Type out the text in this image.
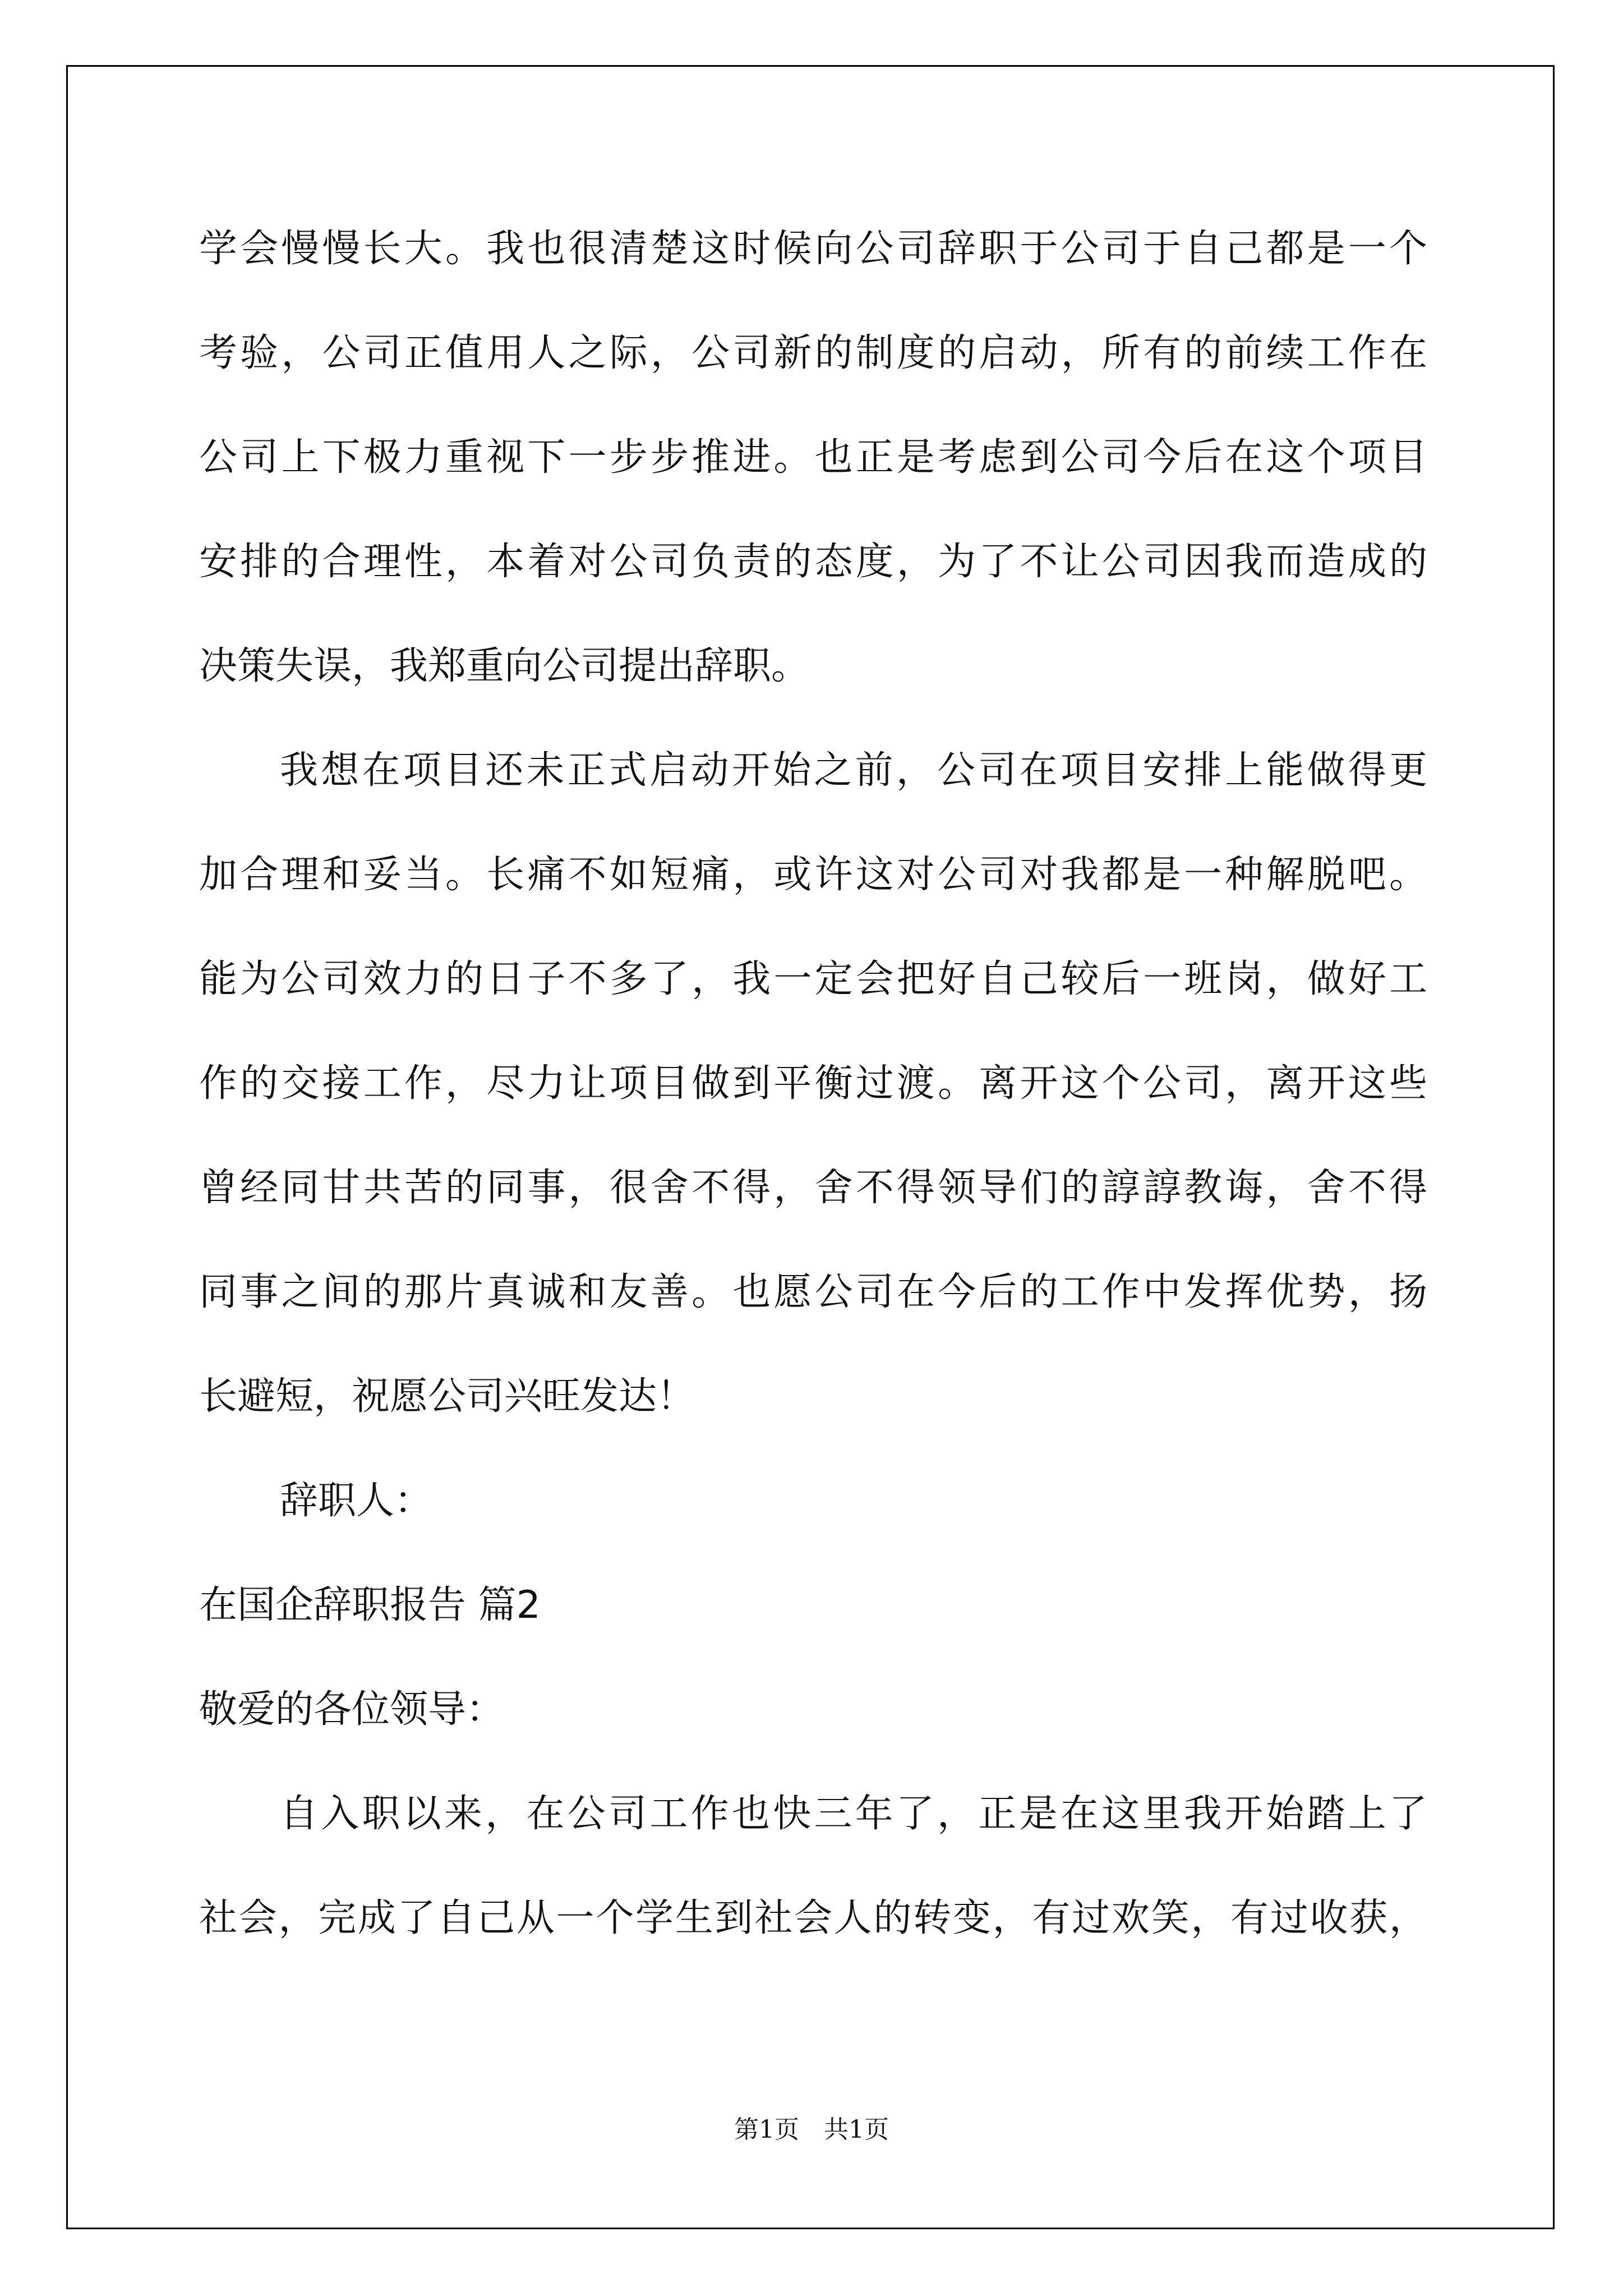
学会慢慢长大。我也很清楚这时候向公司辞职于公司于自己都是一个
考验，公司正值用人之际，公司新的制度的启动，所有的前续工作在
公司上下极力重视下一步步推进。也正是考虑到公司今后在这个项目
安排的合理性，本着对公司负责的态度，为了不让公司因我而造成的
决策失误，我郑重向公司提出辞职。
我想在项目还未正式启动开始之前，公司在项目安排上能做得更
加合理和妥当。长痛不如短痛，或许这对公司对我都是一种解脱吧。
能为公司效力的日子不多了，我一定会把好自己较后一班岗，做好工
作的交接工作，尽力让项目做到平衡过渡。离开这个公司，离开这些
曾经同甘共苦的同事，很舍不得，舍不得领导们的諄諄教诲，舍不得
同事之间的那片真诚和友善。也愿公司在今后的工作中发挥优势，扬
长避短，祝愿公司兴旺发达！
辞职人：
在国企辞职报告 篇2
敬爱的各位领导：
自入职以来，在公司工作也快三年了，正是在这里我开始踏上了
社会，完成了自己从一个学生到社会人的转变，有过欢笑，有过收获，
第1页　共1页
